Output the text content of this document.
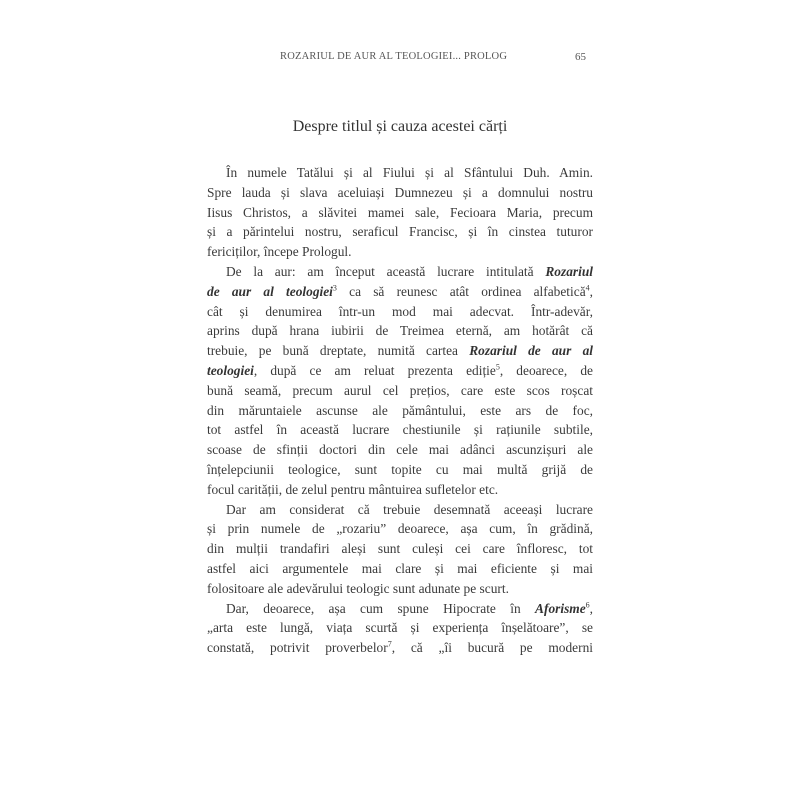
ROZARIUL DE AUR AL TEOLOGIEI... PROLOG	65
Despre titlul și cauza acestei cărți
În numele Tatălui și al Fiului și al Sfântului Duh. Amin.
Spre lauda și slava aceluiași Dumnezeu și a domnului nostru
Iisus Christos, a slăvitei mamei sale, Fecioara Maria, precum
și a părintelui nostru, seraficul Francisc, și în cinstea tuturor
fericiților, începe Prologul.
De la aur: am început această lucrare intitulată Rozariul
de aur al teologiei$^3$ ca să reunesc atât ordinea alfabetică$^4$,
cât și denumirea într-un mod mai adecvat. Într-adevăr,
aprins după hrana iubirii de Treimea eternă, am hotărât că
trebuie, pe bună dreptate, numită cartea Rozariul de aur al
teologiei, după ce am reluat prezenta ediție$^5$, deoarece, de
bună seamă, precum aurul cel prețios, care este scos roșcat
din măruntaiele ascunse ale pământului, este ars de foc,
tot astfel în această lucrare chestiunile și rațiunile subtile,
scoase de sfinții doctori din cele mai adânci ascunzișuri ale
înțelepciunii teologice, sunt topite cu mai multă grijă de
focul carității, de zelul pentru mântuirea sufletelor etc.
Dar am considerat că trebuie desemnată aceeași lucrare
și prin numele de „rozariu” deoarece, așa cum, în grădină,
din mulții trandafiri aleși sunt culeși cei care înfloresc, tot
astfel aici argumentele mai clare și mai eficiente și mai
folositoare ale adevărului teologic sunt adunate pe scurt.
Dar, deoarece, așa cum spune Hipocrate în Aforisme$^6$,
„arta este lungă, viața scurtă și experiența înșelătoare”, se
constată, potrivit proverbelor$^7$, că „îi bucură pe moderni
